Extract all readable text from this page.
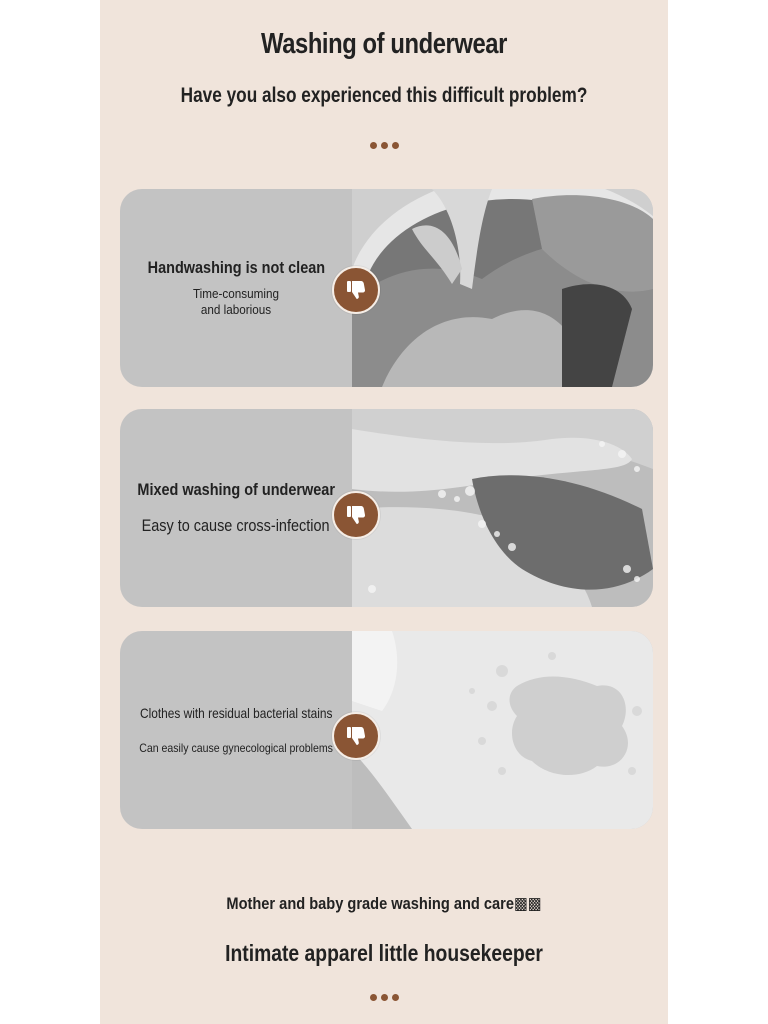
Washing of underwear
Have you also experienced this difficult problem?
Handwashing is not clean
Time-consuming and laborious
Mixed washing of underwear
Easy to cause cross-infection
Clothes with residual bacterial stains
Can easily cause gynecological problems
Mother and baby grade washing and care▩▩
Intimate apparel little housekeeper
